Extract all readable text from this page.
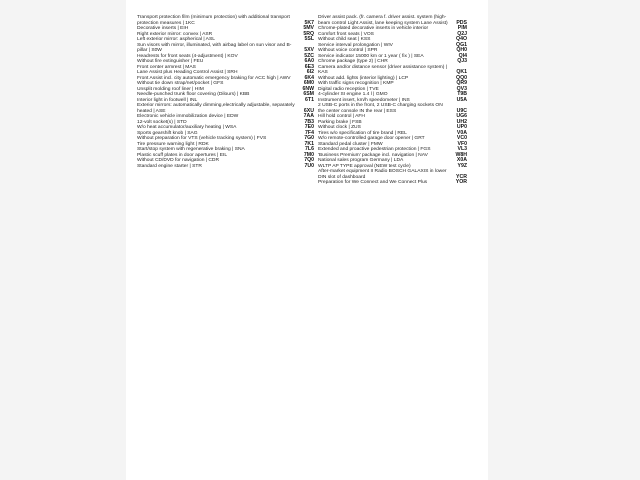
Transport protection film (minimum protection) with additional transport protection measures | 1KC	5K7
Decorative inserts | EIH	5MV
Right exterior mirror: convex | ASR	5RQ
Left exterior mirror: aspherical | ASL	5SL
Sun visors with mirror, illuminated, with airbag label on sun visor and B-pillar | S0W	5XV
Headrests for front seats (4-adjustment) | KOV	5ZC
Without fire extinguisher | FEU	6A0
Front center armrest | MAS	6E3
Lane Assist plus Heading Control Assist | SRH	6I2
Front Assist incl. city automatic emergency braking for ACC high | AWV	6K4
Without tie down strap/net/pocket | GFS	6M0
Unsplit molding roof liner | HIM	6NW
Needle-punched trunk floor covering (Dilours) | KBB	6SM
Interior light in footwell | INL	6T1
Exterior mirrors: automatically dimming,electrically adjustable, separately heated | ASE	6XU
Electronic vehicle immobilization device | EDW	7AA
12-volt socket(s) | STD	7B3
W/o heat accumulator/auxiliary heating | WSA	7E0
Sports gearshift knob | SAG	7F4
Without preparation for VTS (vehicle tracking system) | FVS	7G0
Tire pressure warning light | RDK	7K1
Start/stop system with regenerative braking | SNA	7L6
Plastic scuff plates in door apertures | EIL	7M0
Without CD/DVD for navigation | CDR	7Q0
Standard engine starter | STR	7U0
Driver assist pack. (fr. camera f. driver assist. system (high-beam control Light Assist, lane keeping system Lane Assist)	PDS
Chrome-plated decorative inserts in vehicle interior	PIM
Comfort front seats | VOS	Q2J
Without child seat | KSS	Q4O
Service interval prolongation | WIV	QG1
Without voice control | SPR	QH0
Service indicator 15000 km or 1 year ( fix ) | SEA	QI4
Chrome package (type 2) | CHR	QJ3
Camera and/or distance sensor (driver assistance system) | KAS	QK1
Without add. lights (interior lighting) | LCP	QQ0
With traffic signs recognition | KMP	QR9
Digital radio reception | TVE	QV3
4-cylinder SI engine 1.4 l | GMO	T9B
Instrument insert, km/h speedometer | INS	U5A
2 USB-C ports in the front, 2 USB-C charging sockets ON the center console IN the rear | ESS	U9C
Hill hold control | AFH	UG6
Parking brake | FSB	UH2
Without clock | ZUS	UP0
Tires w/o specification of tire brand | REL	V0A
W/o remote-controlled garage door opener | GRT	VC0
Standard pedal cluster | FMW	VF0
Extended and proactive pedestrian protection | FGS	VL3
'Business Premium' package incl. navigation | NAV	W8H
National sales program Germany | LDA	X0A
WLTP AP TYPE approval (NEW test cycle)	Y9Z
After-market equipment II Radio BOSCH GALAXIS in lower DIN slot of dashboard	YCR
Preparation for We Connect and We Connect Plus	YOR
